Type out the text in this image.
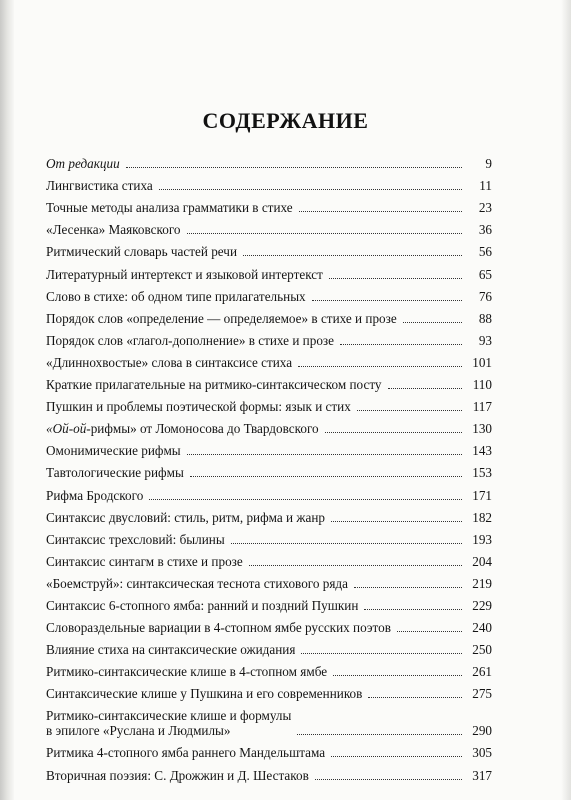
СОДЕРЖАНИЕ
От редакции	9
Лингвистика стиха	11
Точные методы анализа грамматики в стихе	23
«Лесенка» Маяковского	36
Ритмический словарь частей речи	56
Литературный интертекст и языковой интертекст	65
Слово в стихе: об одном типе прилагательных	76
Порядок слов «определение — определяемое» в стихе и прозе	88
Порядок слов «глагол-дополнение» в стихе и прозе	93
«Длиннохвостые» слова в синтаксисе стиха	101
Краткие прилагательные на ритмико-синтаксическом посту	110
Пушкин и проблемы поэтической формы: язык и стих	117
«Ой-ой-рифмы» от Ломоносова до Твардовского	130
Омонимические рифмы	143
Тавтологические рифмы	153
Рифма Бродского	171
Синтаксис двусловий: стиль, ритм, рифма и жанр	182
Синтаксис трехсловий: былины	193
Синтаксис синтагм в стихе и прозе	204
«Боемструй»: синтаксическая теснота стихового ряда	219
Синтаксис 6-стопного ямба: ранний и поздний Пушкин	229
Словораздельные вариации в 4-стопном ямбе русских поэтов	240
Влияние стиха на синтаксические ожидания	250
Ритмико-синтаксические клише в 4-стопном ямбе	261
Синтаксические клише у Пушкина и его современников	275
Ритмико-синтаксические клише и формулы
в эпилоге «Руслана и Людмилы»	290
Ритмика 4-стопного ямба раннего Мандельштама	305
Вторичная поэзия: С. Дрожжин и Д. Шестаков	317
